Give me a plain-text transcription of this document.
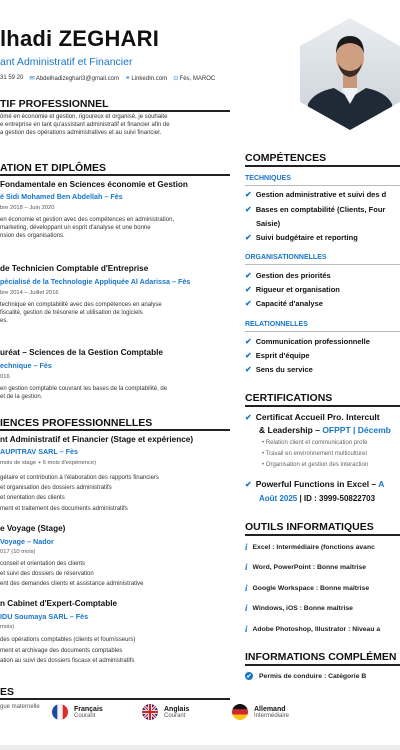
lhadi ZEGHARI
ant Administratif et Financier
31 59 20 ✉Abdelhadizeghari3@gmail.com ⚭LinkedIn.com ⊙Fès, MAROC
TIF PROFESSIONNEL
ômé en économie et gestion, rigoureux et organisé, je souhaite
e entreprise en tant qu'assistant administratif et financier afin de
a gestion des opérations administratives et au suivi financier.
ATION ET DIPLÔMES
Fondamentale en Sciences économie et Gestion
é Sidi Mohamed Ben Abdellah – Fès
bre 2018 – Juin 2020
en économie et gestion avec des compétences en administration,
marketing, développant un esprit d'analyse et une bonne
nsion des organisations.
de Technicien Comptable d'Entreprise
pécialisé de la Technologie Appliquée Al Adarissa – Fès
bre 2014 – Juillet 2016
technique en comptabilité avec des compétences en analyse
fiscalité, gestion de trésorerie et utilisation de logiciels
es.
uréat – Sciences de la Gestion Comptable
echnique – Fès
016
en gestion comptable couvrant les bases de la comptabilité, de
et de la gestion.
IENCES PROFESSIONNELLES
nt Administratif et Financier (Stage et expérience)
AUPITRAV SARL – Fès
mois de stage + 6 mois d'expérience)
gétaire et contribution à l'élaboration des rapports financiers
et organisation des dossiers administratifs
et orientation des clients
ment et traitement des documents administratifs
e Voyage (Stage)
Voyage – Nador
017 (10 mois)
conseil et orientation des clients
et suivi des dossiers de réservation
ent des demandes clients et assistance administrative
n Cabinet d'Expert-Comptable
IDU Soumaya SARL – Fès
mois)
des opérations comptables (clients et fournisseurs)
ment et archivage des documents comptables
ation au suivi des dossiers fiscaux et administratifs
ES
gue maternelle	Français
Courant
Anglais
Courant
Allemand
Intermédiaire
COMPÉTENCES
TECHNIQUES
✔ Gestion administrative et suivi des d
✔ Bases en comptabilité (Clients, Four
Saisie)
✔ Suivi budgétaire et reporting
ORGANISATIONNELLES
✔ Gestion des priorités
✔ Rigueur et organisation
✔ Capacité d'analyse
RELATIONNELLES
✔ Communication professionnelle
✔ Esprit d'équipe
✔ Sens du service
CERTIFICATIONS
✔ Certificat Accueil Pro. Intercult
& Leadership – OFPPT | Décemb
• Relation client et communication profe
• Travail en environnement multiculturel
• Organisation et gestion des interaction
✔ Powerful Functions in Excel – A
Août 2025 | ID : 3999-50822703
OUTILS INFORMATIQUES
i Excel : Intermédiaire (fonctions avanc
i Word, PowerPoint : Bonne maîtrise
i Google Workspace : Bonne maîtrise
i Windows, iOS : Bonne maîtrise
i Adobe Photoshop, Illustrator : Niveau a
INFORMATIONS COMPLÉMEN
✔ Permis de conduire : Catégorie B
